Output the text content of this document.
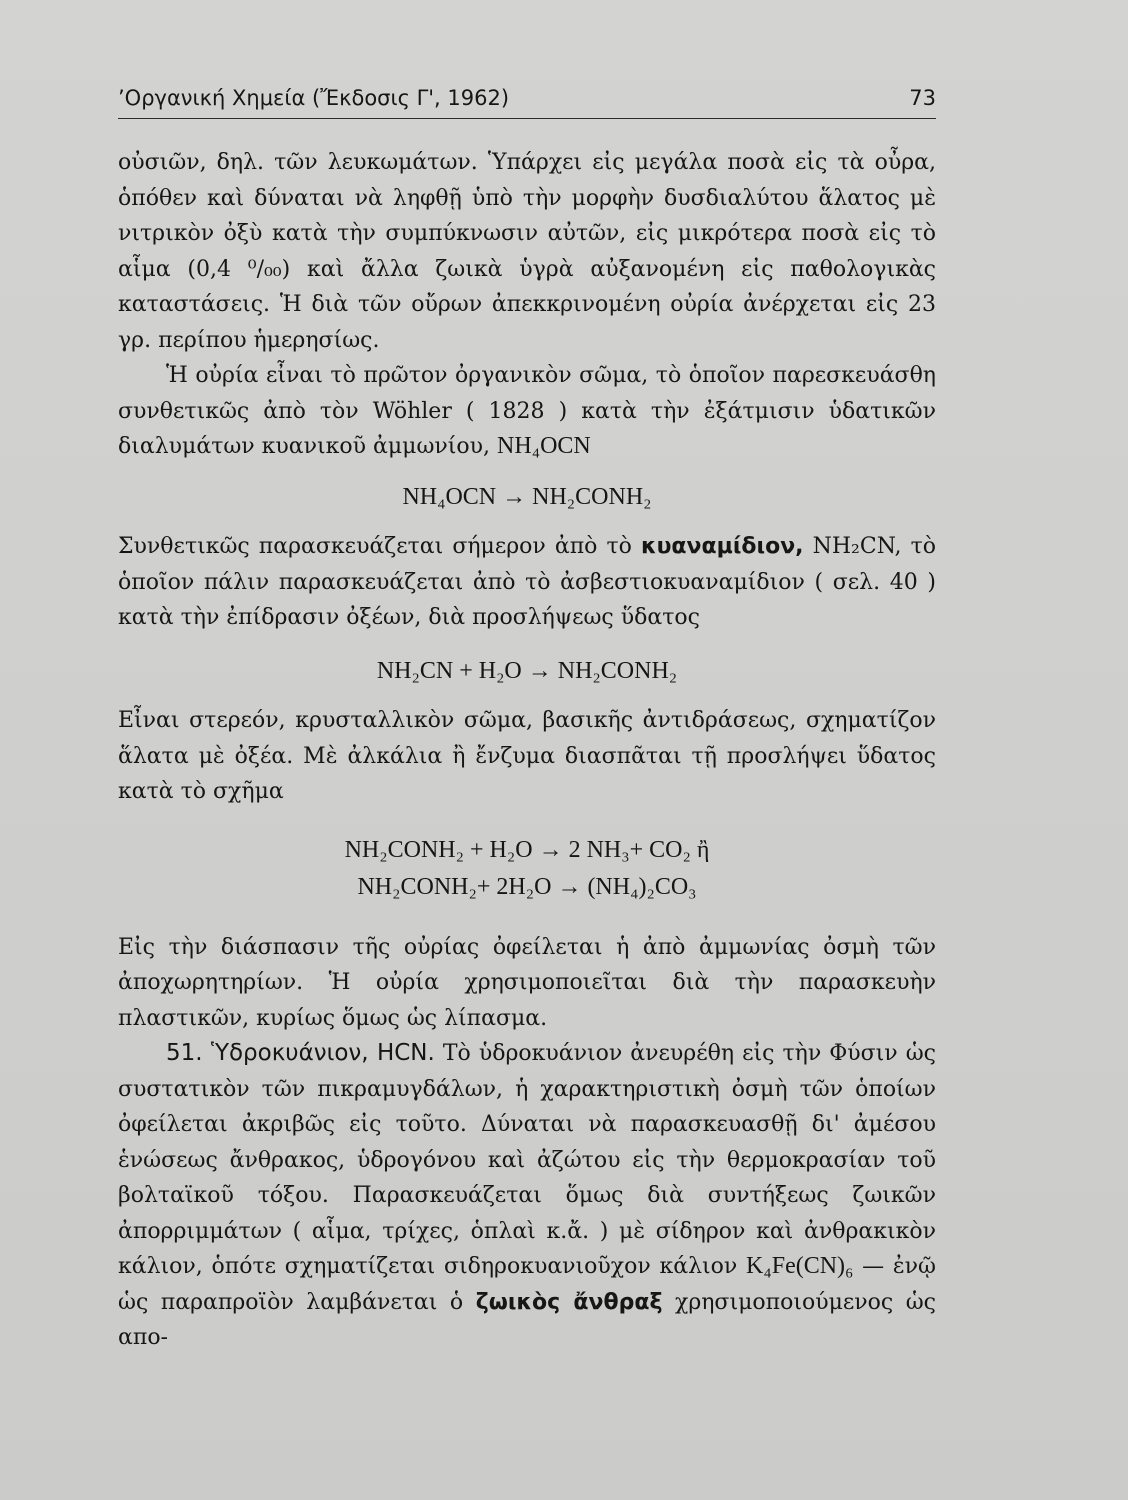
’Οργανική Χημεία (Ἔκδοσις Γ', 1962)	73

οὐσιῶν, δηλ. τῶν λευκωμάτων. Ὑπάρχει εἰς μεγάλα ποσὰ εἰς τὰ οὖρα, ὁπόθεν καὶ δύναται νὰ ληφθῇ ὑπὸ τὴν μορφὴν δυσδιαλύτου ἅλατος μὲ νιτρικὸν ὀξὺ κατὰ τὴν συμπύκνωσιν αὐτῶν, εἰς μικρότερα ποσὰ εἰς τὸ αἷμα (0,4 ⁰/₀₀) καὶ ἄλλα ζωικὰ ὑγρὰ αὐξανομένη εἰς παθολογικὰς καταστάσεις. Ἡ διὰ τῶν οὔρων ἀπεκκρινομένη οὐρία ἀνέρχεται εἰς 23 γρ. περίπου ἡμερησίως.

Ἡ οὐρία εἶναι τὸ πρῶτον ὀργανικὸν σῶμα, τὸ ὁποῖον παρεσκευάσθη συνθετικῶς ἀπὸ τὸν Wöhler ( 1828 ) κατὰ τὴν ἐξάτμισιν ὑδατικῶν διαλυμάτων κυανικοῦ ἀμμωνίου, NH₄OCN

NH₄OCN → NH₂CONH₂

Συνθετικῶς παρασκευάζεται σήμερον ἀπὸ τὸ κυαναμίδιον, NH₂CN, τὸ ὁποῖον πάλιν παρασκευάζεται ἀπὸ τὸ ἀσβεστιοκυαναμίδιον ( σελ. 40 ) κατὰ τὴν ἐπίδρασιν ὀξέων, διὰ προσλήψεως ὕδατος

NH₂CN + H₂O → NH₂CONH₂

Εἶναι στερεόν, κρυσταλλικὸν σῶμα, βασικῆς ἀντιδράσεως, σχηματίζον ἅλατα μὲ ὀξέα. Μὲ ἀλκάλια ἢ ἔνζυμα διασπᾶται τῇ προσλήψει ὕδατος κατὰ τὸ σχῆμα

NH₂CONH₂ + H₂O → 2 NH₃+ CO₂ ἢ

NH₂CONH₂+ 2H₂O → (NH₄)₂CO₃

Εἰς τὴν διάσπασιν τῆς οὐρίας ὀφείλεται ἡ ἀπὸ ἀμμωνίας ὀσμὴ τῶν ἀποχωρητηρίων. Ἡ οὐρία χρησιμοποιεῖται διὰ τὴν παρασκευὴν πλαστικῶν, κυρίως ὅμως ὡς λίπασμα.

51. Ὑδροκυάνιον, HCN. Τὸ ὑδροκυάνιον ἀνευρέθη εἰς τὴν Φύσιν ὡς συστατικὸν τῶν πικραμυγδάλων, ἡ χαρακτηριστικὴ ὀσμὴ τῶν ὁποίων ὀφείλεται ἀκριβῶς εἰς τοῦτο. Δύναται νὰ παρασκευασθῇ δι' ἀμέσου ἑνώσεως ἄνθρακος, ὑδρογόνου καὶ ἀζώτου εἰς τὴν θερμοκρασίαν τοῦ βολταϊκοῦ τόξου. Παρασκευάζεται ὅμως διὰ συντήξεως ζωικῶν ἀπορριμμάτων ( αἷμα, τρίχες, ὁπλαὶ κ.ἄ. ) μὲ σίδηρον καὶ ἀνθρακικὸν κάλιον, ὁπότε σχηματίζεται σιδηροκυανιοῦχον κάλιον K₄Fe(CN)₆ — ἐνῷ ὡς παραπροϊὸν λαμβάνεται ὁ ζωικὸς ἄνθραξ χρησιμοποιούμενος ὡς απο-
